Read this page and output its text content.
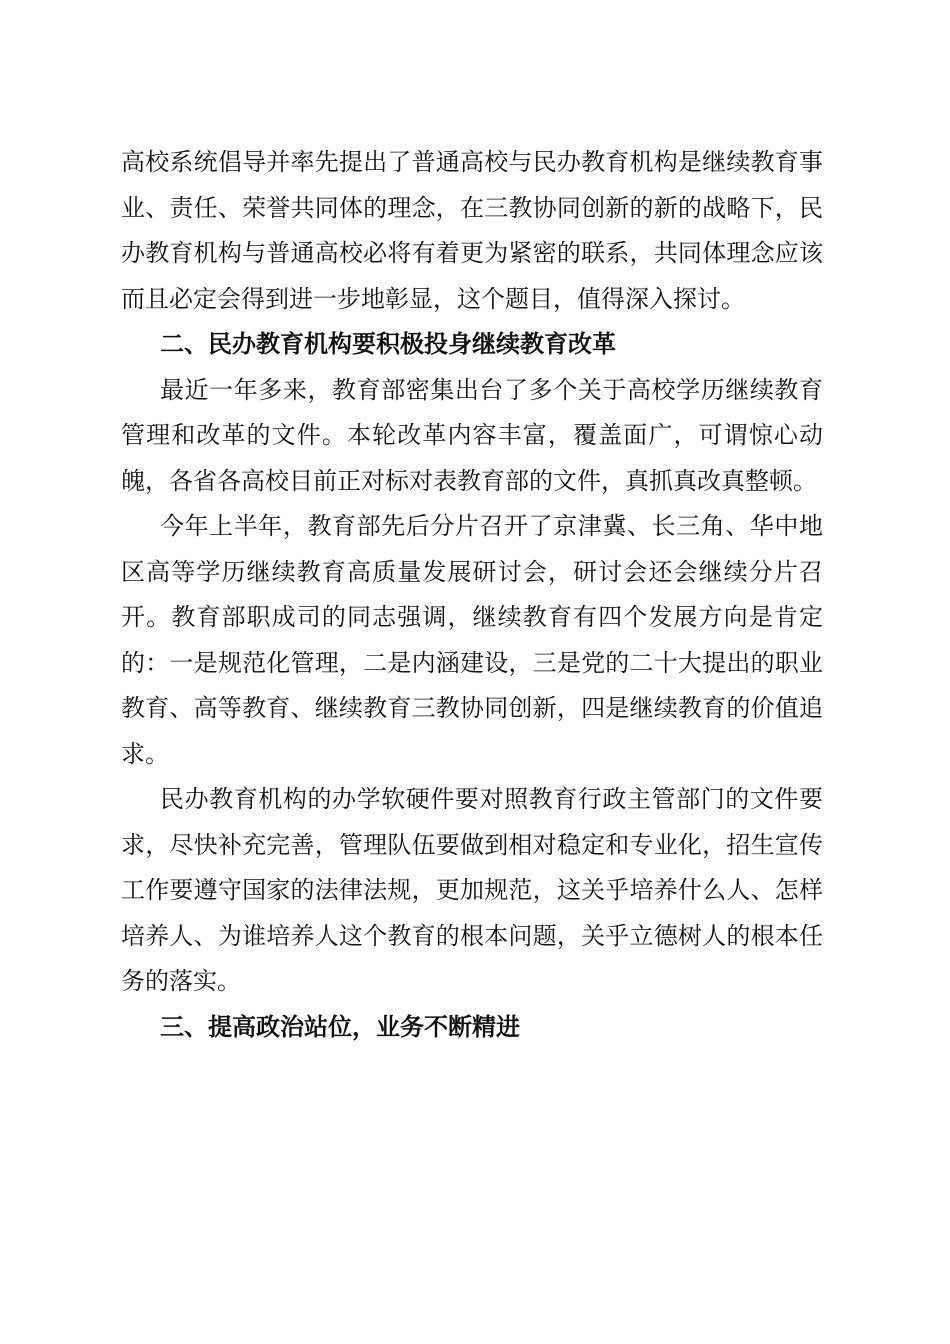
高校系统倡导并率先提出了普通高校与民办教育机构是继续教育事业、责任、荣誉共同体的理念，在三教协同创新的新的战略下，民办教育机构与普通高校必将有着更为紧密的联系，共同体理念应该而且必定会得到进一步地彰显，这个题目，值得深入探讨。

二、民办教育机构要积极投身继续教育改革

最近一年多来，教育部密集出台了多个关于高校学历继续教育管理和改革的文件。本轮改革内容丰富，覆盖面广，可谓惊心动魄，各省各高校目前正对标对表教育部的文件，真抓真改真整顿。

今年上半年，教育部先后分片召开了京津冀、长三角、华中地区高等学历继续教育高质量发展研讨会，研讨会还会继续分片召开。教育部职成司的同志强调，继续教育有四个发展方向是肯定的：一是规范化管理，二是内涵建设，三是党的二十大提出的职业教育、高等教育、继续教育三教协同创新，四是继续教育的价值追求。

民办教育机构的办学软硬件要对照教育行政主管部门的文件要求，尽快补充完善，管理队伍要做到相对稳定和专业化，招生宣传工作要遵守国家的法律法规，更加规范，这关乎培养什么人、怎样培养人、为谁培养人这个教育的根本问题，关乎立德树人的根本任务的落实。

三、提高政治站位，业务不断精进
